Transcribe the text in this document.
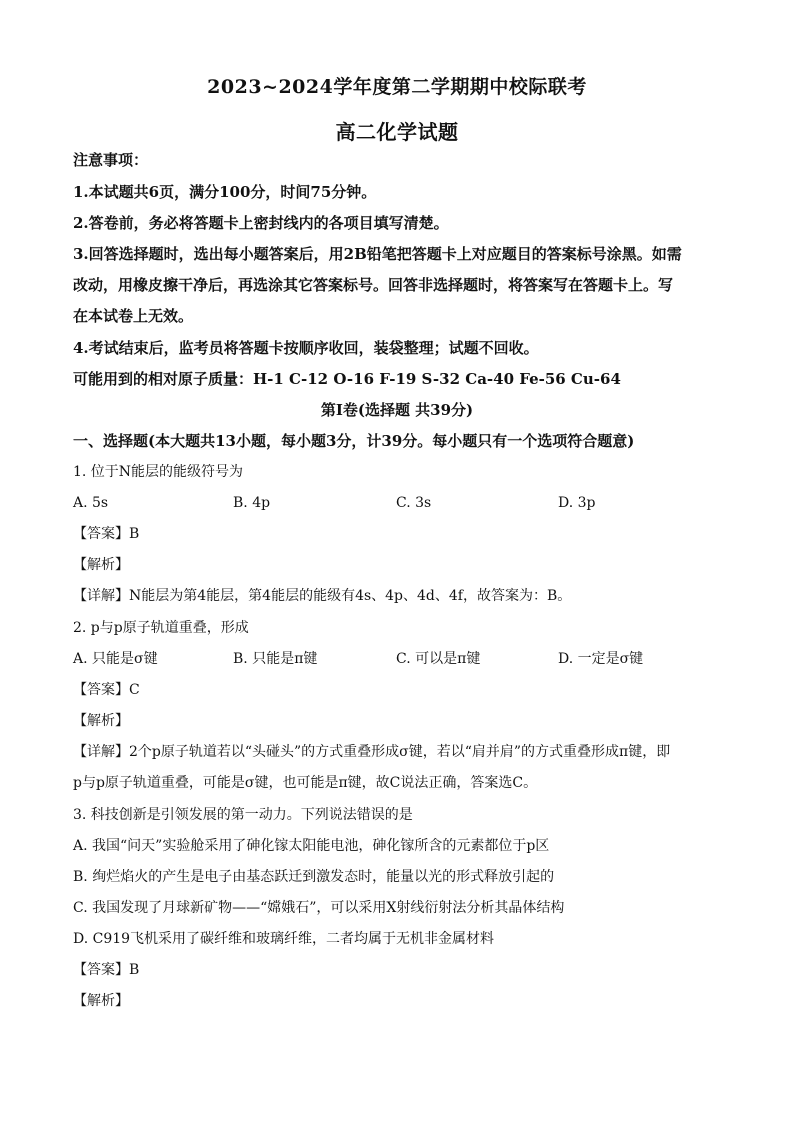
2023~2024学年度第二学期期中校际联考
高二化学试题
注意事项：
1.本试题共6页，满分100分，时间75分钟。
2.答卷前，务必将答题卡上密封线内的各项目填写清楚。
3.回答选择题时，选出每小题答案后，用2B铅笔把答题卡上对应题目的答案标号涂黑。如需
改动，用橡皮擦干净后，再选涂其它答案标号。回答非选择题时，将答案写在答题卡上。写
在本试卷上无效。
4.考试结束后，监考员将答题卡按顺序收回，装袋整理；试题不回收。
可能用到的相对原子质量：H-1 C-12 O-16 F-19 S-32 Ca-40 Fe-56 Cu-64
第Ⅰ卷(选择题 共39分)
一、选择题(本大题共13小题，每小题3分，计39分。每小题只有一个选项符合题意)
1. 位于N能层的能级符号为
A. 5s	B. 4p	C. 3s	D. 3p
【答案】B
【解析】
【详解】N能层为第4能层，第4能层的能级有4s、4p、4d、4f，故答案为：B。
2. p与p原子轨道重叠，形成
A. 只能是σ键	B. 只能是π键	C. 可以是π键	D. 一定是σ键
【答案】C
【解析】
【详解】2个p原子轨道若以“头碰头”的方式重叠形成σ键，若以“肩并肩”的方式重叠形成π键，即
p与p原子轨道重叠，可能是σ键，也可能是π键，故C说法正确，答案选C。
3. 科技创新是引领发展的第一动力。下列说法错误的是
A. 我国“问天”实验舱采用了砷化镓太阳能电池，砷化镓所含的元素都位于p区
B. 绚烂焰火的产生是电子由基态跃迁到激发态时，能量以光的形式释放引起的
C. 我国发现了月球新矿物——“嫦娥石”，可以采用X射线衍射法分析其晶体结构
D. C919飞机采用了碳纤维和玻璃纤维，二者均属于无机非金属材料
【答案】B
【解析】
